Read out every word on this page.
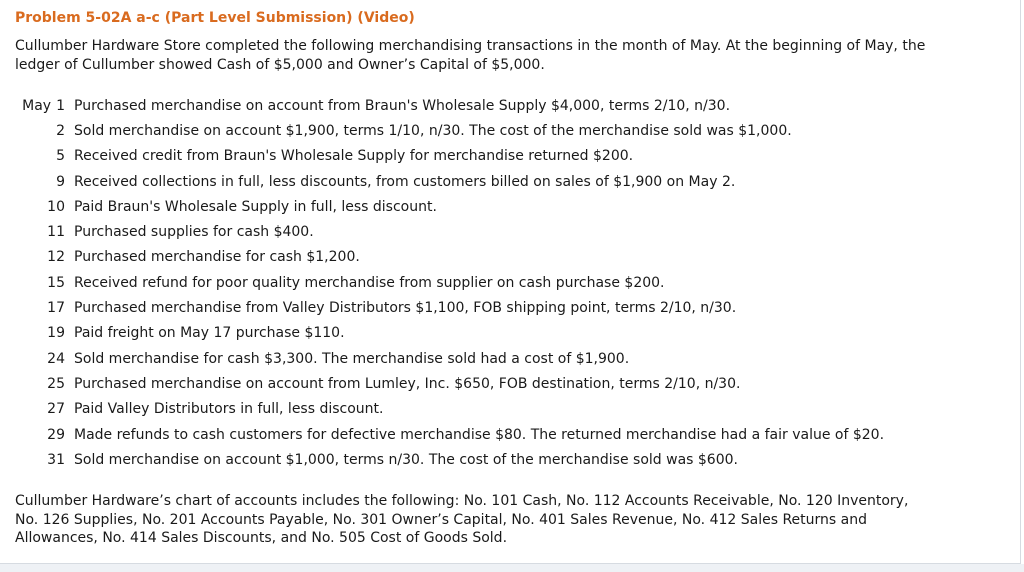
Problem 5-02A a-c (Part Level Submission) (Video)
Cullumber Hardware Store completed the following merchandising transactions in the month of May. At the beginning of May, the
ledger of Cullumber showed Cash of $5,000 and Owner’s Capital of $5,000.
May 1 Purchased merchandise on account from Braun's Wholesale Supply $4,000, terms 2/10, n/30.
2 Sold merchandise on account $1,900, terms 1/10, n/30. The cost of the merchandise sold was $1,000.
5 Received credit from Braun's Wholesale Supply for merchandise returned $200.
9 Received collections in full, less discounts, from customers billed on sales of $1,900 on May 2.
10 Paid Braun's Wholesale Supply in full, less discount.
11 Purchased supplies for cash $400.
12 Purchased merchandise for cash $1,200.
15 Received refund for poor quality merchandise from supplier on cash purchase $200.
17 Purchased merchandise from Valley Distributors $1,100, FOB shipping point, terms 2/10, n/30.
19 Paid freight on May 17 purchase $110.
24 Sold merchandise for cash $3,300. The merchandise sold had a cost of $1,900.
25 Purchased merchandise on account from Lumley, Inc. $650, FOB destination, terms 2/10, n/30.
27 Paid Valley Distributors in full, less discount.
29 Made refunds to cash customers for defective merchandise $80. The returned merchandise had a fair value of $20.
31 Sold merchandise on account $1,000, terms n/30. The cost of the merchandise sold was $600.
Cullumber Hardware’s chart of accounts includes the following: No. 101 Cash, No. 112 Accounts Receivable, No. 120 Inventory,
No. 126 Supplies, No. 201 Accounts Payable, No. 301 Owner’s Capital, No. 401 Sales Revenue, No. 412 Sales Returns and
Allowances, No. 414 Sales Discounts, and No. 505 Cost of Goods Sold.
